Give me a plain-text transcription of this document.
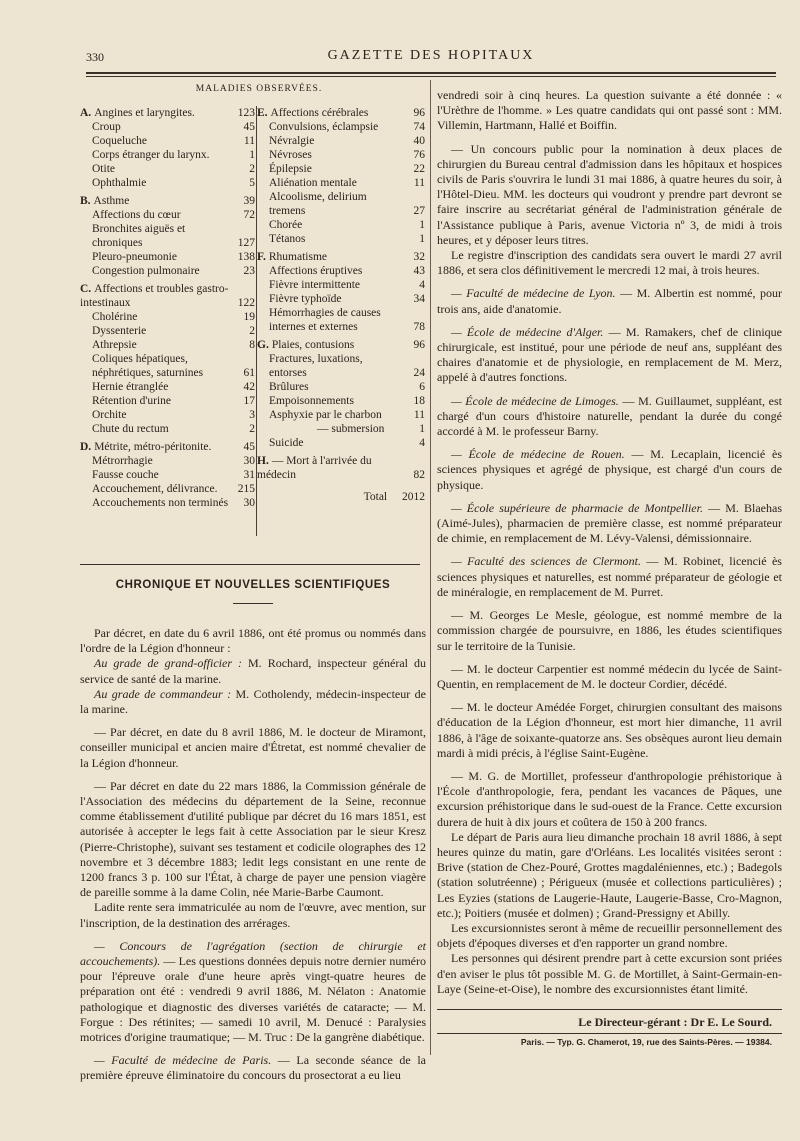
330	GAZETTE DES HOPITAUX
MALADIES OBSERVÉES.
A. Angines et laryngites.	123
Croup	45
Coqueluche	11
Corps étranger du larynx.	1
Otite	2
Ophthalmie	5
B. Asthme	39
Affections du cœur	72
Bronchites aiguës et chroniques	127
Pleuro-pneumonie	138
Congestion pulmonaire	23
C. Affections et troubles gastro-intestinaux	122
Cholérine	19
Dyssenterie	2
Athrepsie	8
Coliques hépatiques, néphrétiques, saturnines	61
Hernie étranglée	42
Rétention d'urine	17
Orchite	3
Chute du rectum	2
D. Métrite, métro-péritonite.	45
Métrorrhagie	30
Fausse couche	31
Accouchement, délivrance.	215
Accouchements non terminés	30
E. Affections cérébrales	96
Convulsions, éclampsie	74
Névralgie	40
Névroses	76
Épilepsie	22
Aliénation mentale	11
Alcoolisme, delirium tremens	27
Chorée	1
Tétanos	1
F. Rhumatisme	32
Affections éruptives	43
Fièvre intermittente	4
Fièvre typhoïde	34
Hémorrhagies de causes internes et externes	78
G. Plaies, contusions	96
Fractures, luxations, entorses	24
Brûlures	6
Empoisonnements	18
Asphyxie par le charbon	11
— submersion	1
Suicide	4
H. — Mort à l'arrivée du médecin	82
Total 2012
CHRONIQUE ET NOUVELLES SCIENTIFIQUES

Par décret, en date du 6 avril 1886, ont été promus ou nommés dans l'ordre de la Légion d'honneur :

Au grade de grand-officier : M. Rochard, inspecteur général du service de santé de la marine.

Au grade de commandeur : M. Cotholendy, médecin-inspecteur de la marine.

— Par décret, en date du 8 avril 1886, M. le docteur de Miramont, conseiller municipal et ancien maire d'Étretat, est nommé chevalier de la Légion d'honneur.

— Par décret en date du 22 mars 1886, la Commission générale de l'Association des médecins du département de la Seine, reconnue comme établissement d'utilité publique par décret du 16 mars 1851, est autorisée à accepter le legs fait à cette Association par le sieur Kresz (Pierre-Christophe), suivant ses testament et codicile olographes des 12 novembre et 3 décembre 1883; ledit legs consistant en une rente de 1200 francs 3 p. 100 sur l'État, à charge de payer une pension viagère de pareille somme à la dame Colin, née Marie-Barbe Caumont.

Ladite rente sera immatriculée au nom de l'œuvre, avec mention, sur l'inscription, de la destination des arrérages.

— Concours de l'agrégation (section de chirurgie et accouchements). — Les questions données depuis notre dernier numéro pour l'épreuve orale d'une heure après vingt-quatre heures de préparation ont été : vendredi 9 avril 1886, M. Nélaton : Anatomie pathologique et diagnostic des diverses variétés de cataracte; — M. Forgue : Des rétinites; — samedi 10 avril, M. Denucé : Paralysies motrices d'origine traumatique; — M. Truc : De la gangrène diabétique.

— Faculté de médecine de Paris. — La seconde séance de la première épreuve éliminatoire du concours du prosectorat a eu lieu

vendredi soir à cinq heures. La question suivante a été donnée : « l'Urèthre de l'homme. » Les quatre candidats qui ont passé sont : MM. Villemin, Hartmann, Hallé et Boiffin.

— Un concours public pour la nomination à deux places de chirurgien du Bureau central d'admission dans les hôpitaux et hospices civils de Paris s'ouvrira le lundi 31 mai 1886, à quatre heures du soir, à l'Hôtel-Dieu. MM. les docteurs qui voudront y prendre part devront se faire inscrire au secrétariat général de l'administration générale de l'Assistance publique à Paris, avenue Victoria nº 3, de midi à trois heures, et y déposer leurs titres.

Le registre d'inscription des candidats sera ouvert le mardi 27 avril 1886, et sera clos définitivement le mercredi 12 mai, à trois heures.

— Faculté de médecine de Lyon. — M. Albertin est nommé, pour trois ans, aide d'anatomie.

— École de médecine d'Alger. — M. Ramakers, chef de clinique chirurgicale, est institué, pour une période de neuf ans, suppléant des chaires d'anatomie et de physiologie, en remplacement de M. Merz, appelé à d'autres fonctions.

— École de médecine de Limoges. — M. Guillaumet, suppléant, est chargé d'un cours d'histoire naturelle, pendant la durée du congé accordé à M. le professeur Barny.

— École de médecine de Rouen. — M. Lecaplain, licencié ès sciences physiques et agrégé de physique, est chargé d'un cours de physique.

— École supérieure de pharmacie de Montpellier. — M. Blaehas (Aimé-Jules), pharmacien de première classe, est nommé préparateur de chimie, en remplacement de M. Lévy-Valensi, démissionnaire.

— Faculté des sciences de Clermont. — M. Robinet, licencié ès sciences physiques et naturelles, est nommé préparateur de géologie et de minéralogie, en remplacement de M. Purret.

— M. Georges Le Mesle, géologue, est nommé membre de la commission chargée de poursuivre, en 1886, les études scientifiques sur le territoire de la Tunisie.

— M. le docteur Carpentier est nommé médecin du lycée de Saint-Quentin, en remplacement de M. le docteur Cordier, décédé.

— M. le docteur Amédée Forget, chirurgien consultant des maisons d'éducation de la Légion d'honneur, est mort hier dimanche, 11 avril 1886, à l'âge de soixante-quatorze ans. Ses obsèques auront lieu demain mardi à midi précis, à l'église Saint-Eugène.

— M. G. de Mortillet, professeur d'anthropologie préhistorique à l'École d'anthropologie, fera, pendant les vacances de Pâques, une excursion préhistorique dans le sud-ouest de la France. Cette excursion durera de huit à dix jours et coûtera de 150 à 200 francs.

Le départ de Paris aura lieu dimanche prochain 18 avril 1886, à sept heures quinze du matin, gare d'Orléans. Les localités visitées seront : Brive (station de Chez-Pouré, Grottes magdaléniennes, etc.) ; Badegols (station solutréenne) ; Périgueux (musée et collections particulières) ; Les Eyzies (stations de Laugerie-Haute, Laugerie-Basse, Cro-Magnon, etc.); Poitiers (musée et dolmen) ; Grand-Pressigny et Abilly.

Les excursionnistes seront à même de recueillir personnellement des objets d'époques diverses et d'en rapporter un grand nombre.

Les personnes qui désirent prendre part à cette excursion sont priées d'en aviser le plus tôt possible M. G. de Mortillet, à Saint-Germain-en-Laye (Seine-et-Oise), le nombre des excursionnistes étant limité.

Le Directeur-gérant : Dr E. Le Sourd.
Paris. — Typ. G. Chamerot, 19, rue des Saints-Pères. — 19384.
